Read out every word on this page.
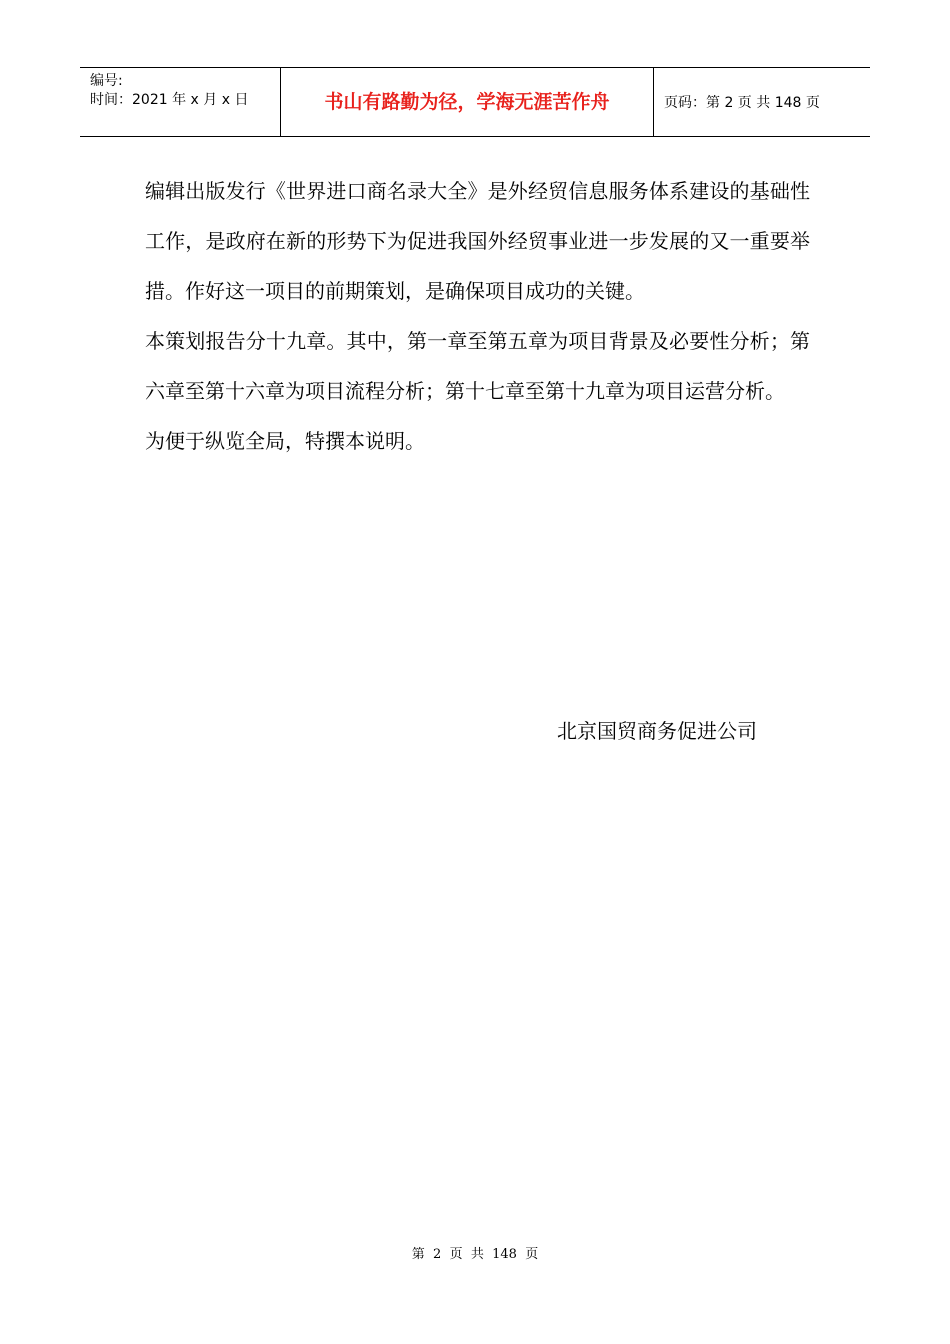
编号:
时间：2021 年 x 月 x 日	书山有路勤为径，学海无涯苦作舟	页码：第 2 页 共 148 页

编辑出版发行《世界进口商名录大全》是外经贸信息服务体系建设的基础性工作，是政府在新的形势下为促进我国外经贸事业进一步发展的又一重要举措。作好这一项目的前期策划，是确保项目成功的关键。

本策划报告分十九章。其中，第一章至第五章为项目背景及必要性分析；第六章至第十六章为项目流程分析；第十七章至第十九章为项目运营分析。

为便于纵览全局，特撰本说明。

北京国贸商务促进公司
第  2  页  共  148  页
